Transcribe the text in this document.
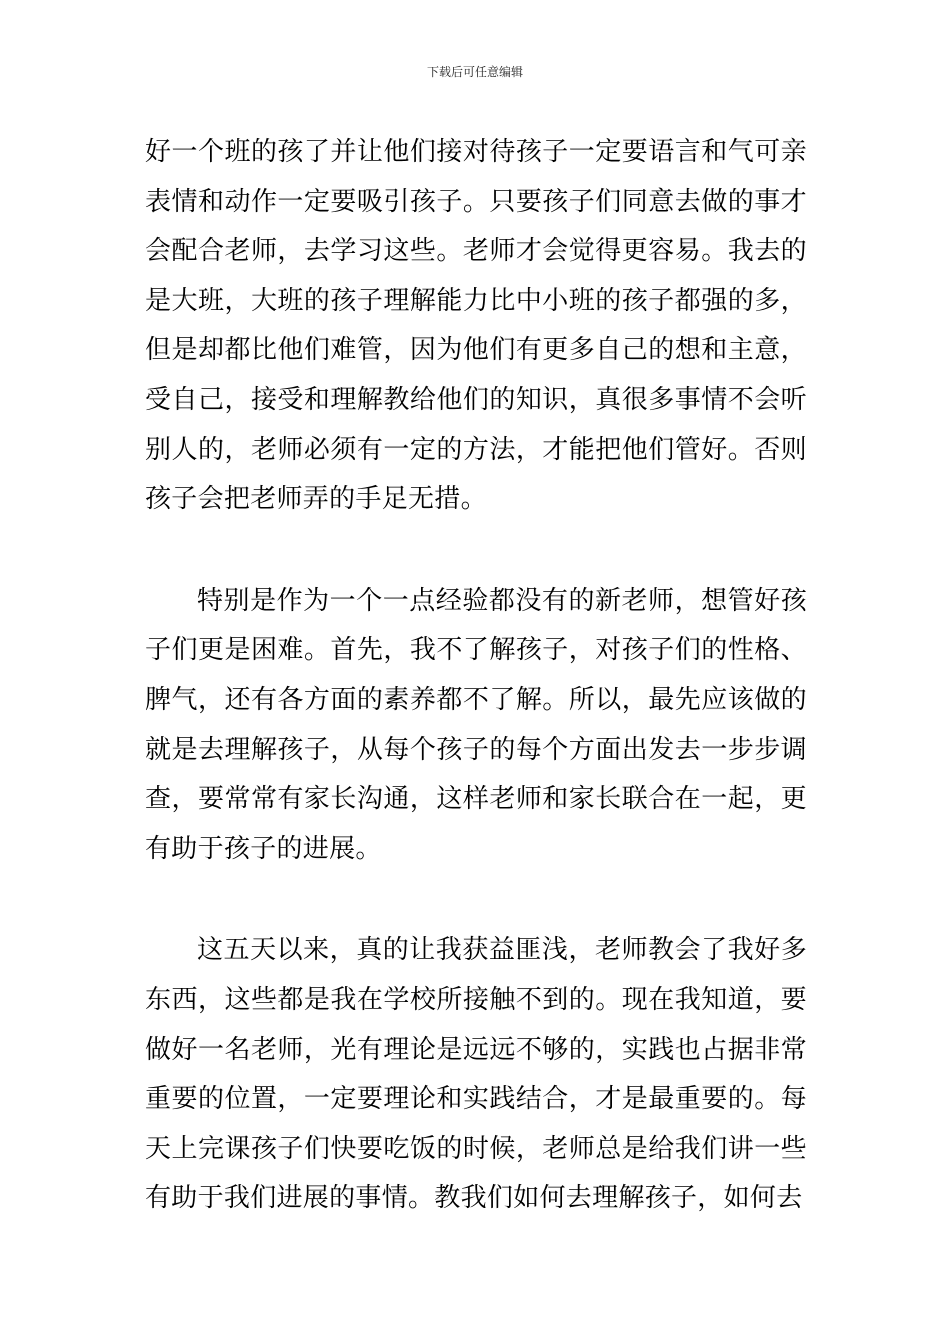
下载后可任意编辑

好一个班的孩了并让他们接对待孩子一定要语言和气可亲表情和动作一定要吸引孩子。只要孩子们同意去做的事才会配合老师，去学习这些。老师才会觉得更容易。我去的是大班，大班的孩子理解能力比中小班的孩子都强的多，但是却都比他们难管，因为他们有更多自己的想和主意，受自己，接受和理解教给他们的知识，真很多事情不会听别人的，老师必须有一定的方法，才能把他们管好。否则孩子会把老师弄的手足无措。

特别是作为一个一点经验都没有的新老师，想管好孩子们更是困难。首先，我不了解孩子，对孩子们的性格、脾气，还有各方面的素养都不了解。所以，最先应该做的就是去理解孩子，从每个孩子的每个方面出发去一步步调查，要常常有家长沟通，这样老师和家长联合在一起，更有助于孩子的进展。

这五天以来，真的让我获益匪浅，老师教会了我好多东西，这些都是我在学校所接触不到的。现在我知道，要做好一名老师，光有理论是远远不够的，实践也占据非常重要的位置，一定要理论和实践结合，才是最重要的。每天上完课孩子们快要吃饭的时候，老师总是给我们讲一些有助于我们进展的事情。教我们如何去理解孩子，如何去
